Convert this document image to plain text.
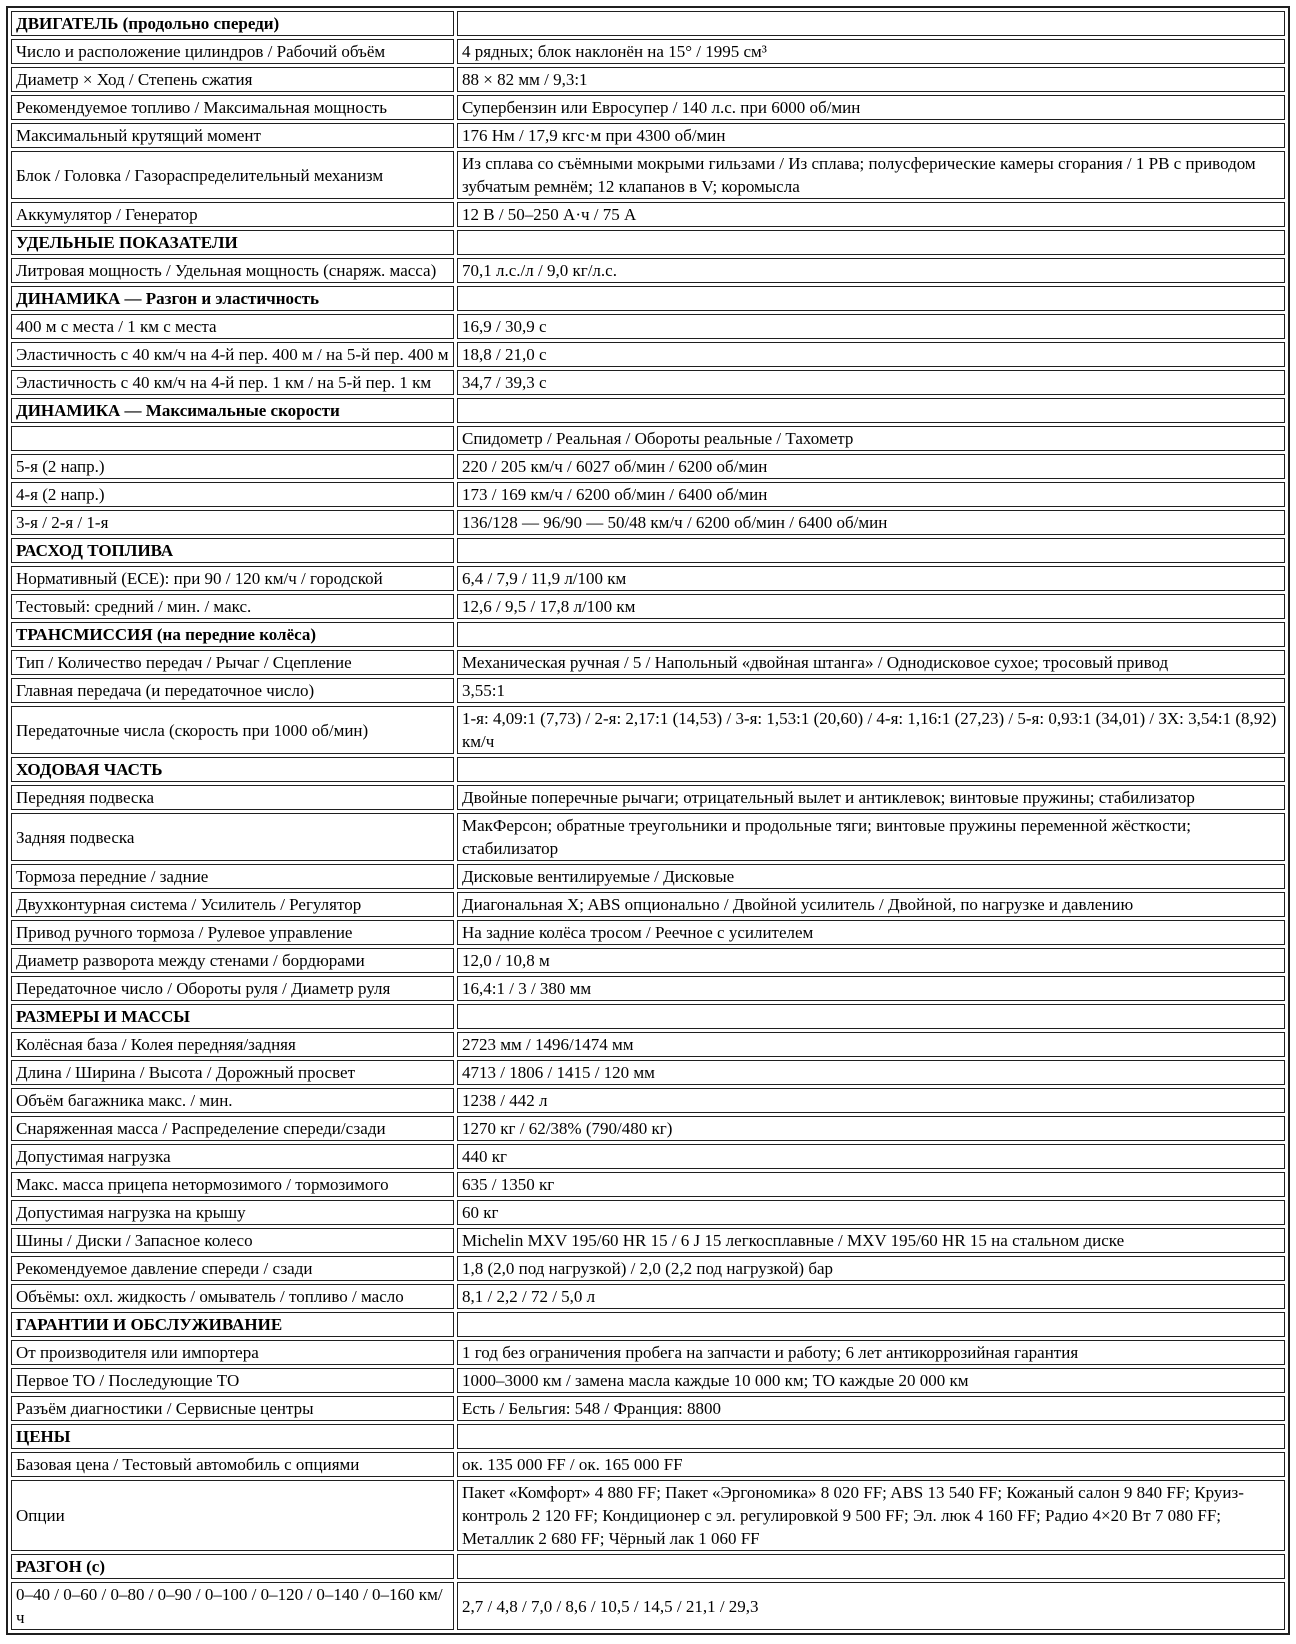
ДВИГАТЕЛЬ (продольно спереди)	
Число и расположение цилиндров / Рабочий объём	4 рядных; блок наклонён на 15° / 1995 см³
Диаметр × Ход / Степень сжатия	88 × 82 мм / 9,3:1
Рекомендуемое топливо / Максимальная мощность	Супербензин или Евросупер / 140 л.с. при 6000 об/мин
Максимальный крутящий момент	176 Нм / 17,9 кгс·м при 4300 об/мин
Блок / Головка / Газораспределительный механизм	Из сплава со съёмными мокрыми гильзами / Из сплава; полусферические камеры сгорания / 1 РВ с приводом зубчатым ремнём; 12 клапанов в V; коромысла
Аккумулятор / Генератор	12 В / 50–250 А·ч / 75 А
УДЕЛЬНЫЕ ПОКАЗАТЕЛИ	
Литровая мощность / Удельная мощность (снаряж. масса)	70,1 л.с./л / 9,0 кг/л.с.
ДИНАМИКА — Разгон и эластичность	
400 м с места / 1 км с места	16,9 / 30,9 с
Эластичность с 40 км/ч на 4-й пер. 400 м / на 5-й пер. 400 м	18,8 / 21,0 с
Эластичность с 40 км/ч на 4-й пер. 1 км / на 5-й пер. 1 км	34,7 / 39,3 с
ДИНАМИКА — Максимальные скорости	
	Спидометр / Реальная / Обороты реальные / Тахометр
5-я (2 напр.)	220 / 205 км/ч / 6027 об/мин / 6200 об/мин
4-я (2 напр.)	173 / 169 км/ч / 6200 об/мин / 6400 об/мин
3-я / 2-я / 1-я	136/128 — 96/90 — 50/48 км/ч / 6200 об/мин / 6400 об/мин
РАСХОД ТОПЛИВА	
Нормативный (ЕСЕ): при 90 / 120 км/ч / городской	6,4 / 7,9 / 11,9 л/100 км
Тестовый: средний / мин. / макс.	12,6 / 9,5 / 17,8 л/100 км
ТРАНСМИССИЯ (на передние колёса)	
Тип / Количество передач / Рычаг / Сцепление	Механическая ручная / 5 / Напольный «двойная штанга» / Однодисковое сухое; тросовый привод
Главная передача (и передаточное число)	3,55:1
Передаточные числа (скорость при 1000 об/мин)	1-я: 4,09:1 (7,73) / 2-я: 2,17:1 (14,53) / 3-я: 1,53:1 (20,60) / 4-я: 1,16:1 (27,23) / 5-я: 0,93:1 (34,01) / ЗХ: 3,54:1 (8,92) км/ч
ХОДОВАЯ ЧАСТЬ	
Передняя подвеска	Двойные поперечные рычаги; отрицательный вылет и антиклевок; винтовые пружины; стабилизатор
Задняя подвеска	МакФерсон; обратные треугольники и продольные тяги; винтовые пружины переменной жёсткости; стабилизатор
Тормоза передние / задние	Дисковые вентилируемые / Дисковые
Двухконтурная система / Усилитель / Регулятор	Диагональная X; ABS опционально / Двойной усилитель / Двойной, по нагрузке и давлению
Привод ручного тормоза / Рулевое управление	На задние колёса тросом / Реечное с усилителем
Диаметр разворота между стенами / бордюрами	12,0 / 10,8 м
Передаточное число / Обороты руля / Диаметр руля	16,4:1 / 3 / 380 мм
РАЗМЕРЫ И МАССЫ	
Колёсная база / Колея передняя/задняя	2723 мм / 1496/1474 мм
Длина / Ширина / Высота / Дорожный просвет	4713 / 1806 / 1415 / 120 мм
Объём багажника макс. / мин.	1238 / 442 л
Снаряженная масса / Распределение спереди/сзади	1270 кг / 62/38% (790/480 кг)
Допустимая нагрузка	440 кг
Макс. масса прицепа нетормозимого / тормозимого	635 / 1350 кг
Допустимая нагрузка на крышу	60 кг
Шины / Диски / Запасное колесо	Michelin MXV 195/60 HR 15 / 6 J 15 легкосплавные / MXV 195/60 HR 15 на стальном диске
Рекомендуемое давление спереди / сзади	1,8 (2,0 под нагрузкой) / 2,0 (2,2 под нагрузкой) бар
Объёмы: охл. жидкость / омыватель / топливо / масло	8,1 / 2,2 / 72 / 5,0 л
ГАРАНТИИ И ОБСЛУЖИВАНИЕ	
От производителя или импортера	1 год без ограничения пробега на запчасти и работу; 6 лет антикоррозийная гарантия
Первое ТО / Последующие ТО	1000–3000 км / замена масла каждые 10 000 км; ТО каждые 20 000 км
Разъём диагностики / Сервисные центры	Есть / Бельгия: 548 / Франция: 8800
ЦЕНЫ	
Базовая цена / Тестовый автомобиль с опциями	ок. 135 000 FF / ок. 165 000 FF
Опции	Пакет «Комфорт» 4 880 FF; Пакет «Эргономика» 8 020 FF; ABS 13 540 FF; Кожаный салон 9 840 FF; Круиз-контроль 2 120 FF; Кондиционер с эл. регулировкой 9 500 FF; Эл. люк 4 160 FF; Радио 4×20 Вт 7 080 FF; Металлик 2 680 FF; Чёрный лак 1 060 FF
РАЗГОН (с)	
0–40 / 0–60 / 0–80 / 0–90 / 0–100 / 0–120 / 0–140 / 0–160 км/ч	2,7 / 4,8 / 7,0 / 8,6 / 10,5 / 14,5 / 21,1 / 29,3
